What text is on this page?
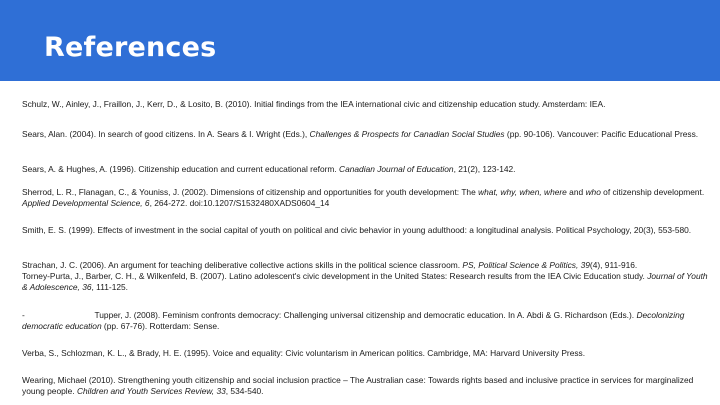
References

Schulz, W., Ainley, J., Fraillon, J., Kerr, D., & Losito, B. (2010). Initial findings from the IEA international civic and citizenship education study. Amsterdam: IEA.

Sears, Alan. (2004). In search of good citizens. In A. Sears & I. Wright (Eds.), Challenges & Prospects for Canadian Social Studies (pp. 90-106). Vancouver: Pacific Educational Press.

Sears, A. & Hughes, A. (1996). Citizenship education and current educational reform. Canadian Journal of Education, 21(2), 123-142.

Sherrod, L. R., Flanagan, C., & Youniss, J. (2002). Dimensions of citizenship and opportunities for youth development: The what, why, when, where and who of citizenship development. Applied Developmental Science, 6, 264-272. doi:10.1207/S1532480XADS0604_14

Smith, E. S. (1999). Effects of investment in the social capital of youth on political and civic behavior in young adulthood: a longitudinal analysis. Political Psychology, 20(3), 553-580.

Strachan, J. C. (2006). An argument for teaching deliberative collective actions skills in the political science classroom. PS, Political Science & Politics, 39(4), 911-916.
Torney-Purta, J., Barber, C. H., & Wilkenfeld, B. (2007). Latino adolescent's civic development in the United States: Research results from the IEA Civic Education study. Journal of Youth & Adolescence, 36, 111-125.

-                              Tupper, J. (2008). Feminism confronts democracy: Challenging universal citizenship and democratic education. In A. Abdi & G. Richardson (Eds.). Decolonizing democratic education (pp. 67-76). Rotterdam: Sense.

Verba, S., Schlozman, K. L., & Brady, H. E. (1995). Voice and equality: Civic voluntarism in American politics. Cambridge, MA: Harvard University Press.

Wearing, Michael (2010). Strengthening youth citizenship and social inclusion practice – The Australian case: Towards rights based and inclusive practice in services for marginalized young people. Children and Youth Services Review, 33, 534-540.
